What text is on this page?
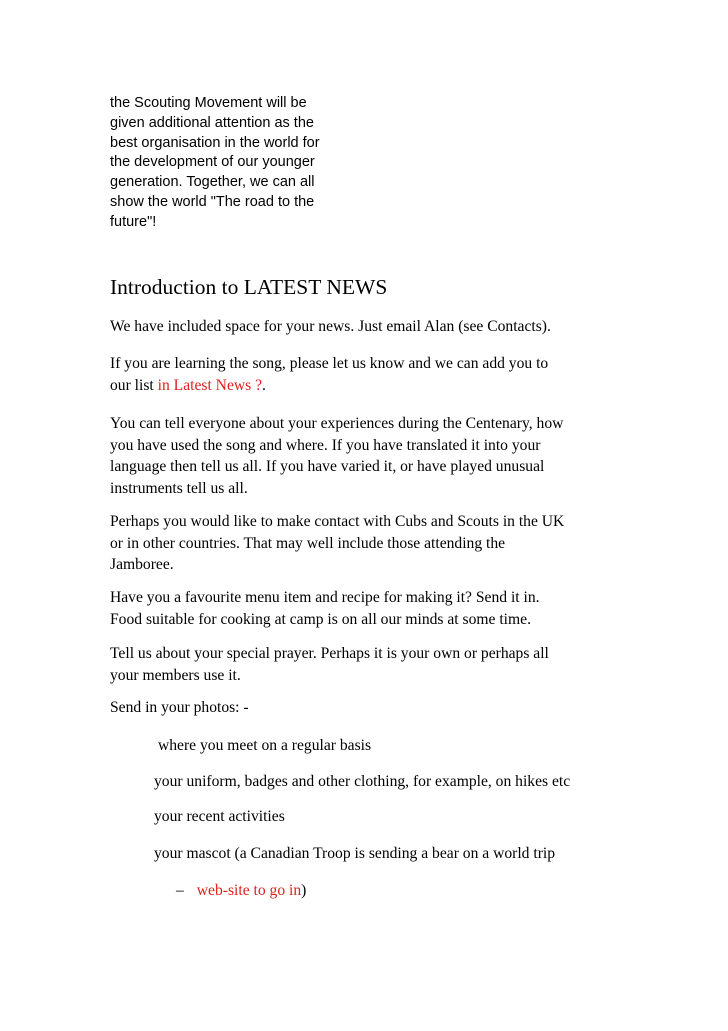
the Scouting Movement will be
given additional attention as the
best organisation in the world for
the development of our younger
generation. Together, we can all
show the world "The road to the
future"!
Introduction to LATEST NEWS
We have included space for your news. Just email Alan (see Contacts).
If you are learning the song, please let us know and we can add you to
our list in Latest News ?.
You can tell everyone about your experiences during the Centenary, how
you have used the song and where. If you have translated it into your
language then tell us all. If you have varied it, or have played unusual
instruments tell us all.
Perhaps you would like to make contact with Cubs and Scouts in the UK
or in other countries. That may well include those attending the
Jamboree.
Have you a favourite menu item and recipe for making it? Send it in.
Food suitable for cooking at camp is on all our minds at some time.
Tell us about your special prayer. Perhaps it is your own or perhaps all
your members use it.
Send in your photos: -
where you meet on a regular basis
your uniform, badges and other clothing, for example, on hikes etc
your recent activities
your mascot (a Canadian Troop is sending a bear on a world trip
– web-site to go in)
